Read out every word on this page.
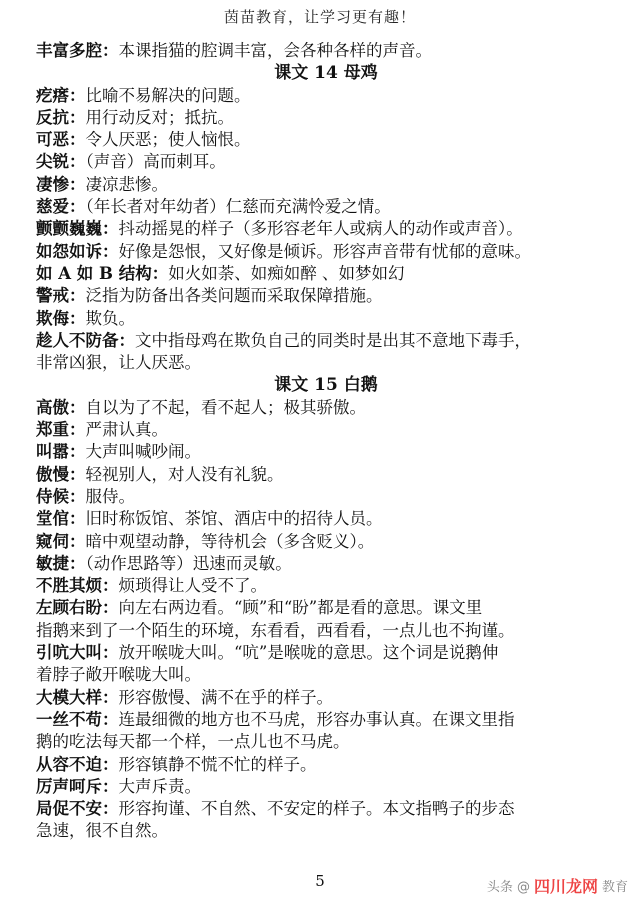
茵苗教育，让学习更有趣！
丰富多腔：本课指猫的腔调丰富，会各种各样的声音。
课文 14 母鸡
疙瘩：比喻不易解决的问题。
反抗：用行动反对；抵抗。
可恶：令人厌恶；使人恼恨。
尖锐：（声音）高而刺耳。
凄惨：凄凉悲惨。
慈爱：（年长者对年幼者）仁慈而充满怜爱之情。
颤颤巍巍：抖动摇晃的样子（多形容老年人或病人的动作或声音）。
如怨如诉：好像是怨恨，又好像是倾诉。形容声音带有忧郁的意味。
如 A 如 B 结构：如火如荼、如痴如醉 、如梦如幻
警戒：泛指为防备出各类问题而采取保障措施。
欺侮：欺负。
趁人不防备：文中指母鸡在欺负自己的同类时是出其不意地下毒手，
非常凶狠，让人厌恶。
课文 15 白鹅
高傲：自以为了不起，看不起人；极其骄傲。
郑重：严肃认真。
叫嚣：大声叫喊吵闹。
傲慢：轻视别人，对人没有礼貌。
侍候：服侍。
堂倌：旧时称饭馆、茶馆、酒店中的招待人员。
窥伺：暗中观望动静，等待机会（多含贬义）。
敏捷：（动作思路等）迅速而灵敏。
不胜其烦：烦琐得让人受不了。
左顾右盼：向左右两边看。“顾”和“盼”都是看的意思。课文里
指鹅来到了一个陌生的环境，东看看，西看看，一点儿也不拘谨。
引吭大叫：放开喉咙大叫。“吭”是喉咙的意思。这个词是说鹅伸
着脖子敞开喉咙大叫。
大模大样：形容傲慢、满不在乎的样子。
一丝不苟：连最细微的地方也不马虎，形容办事认真。在课文里指
鹅的吃法每天都一个样，一点儿也不马虎。
从容不迫：形容镇静不慌不忙的样子。
厉声呵斥：大声斥责。
局促不安：形容拘谨、不自然、不安定的样子。本文指鸭子的步态
急速，很不自然。
5	头条 @ 四川龙网 教育
